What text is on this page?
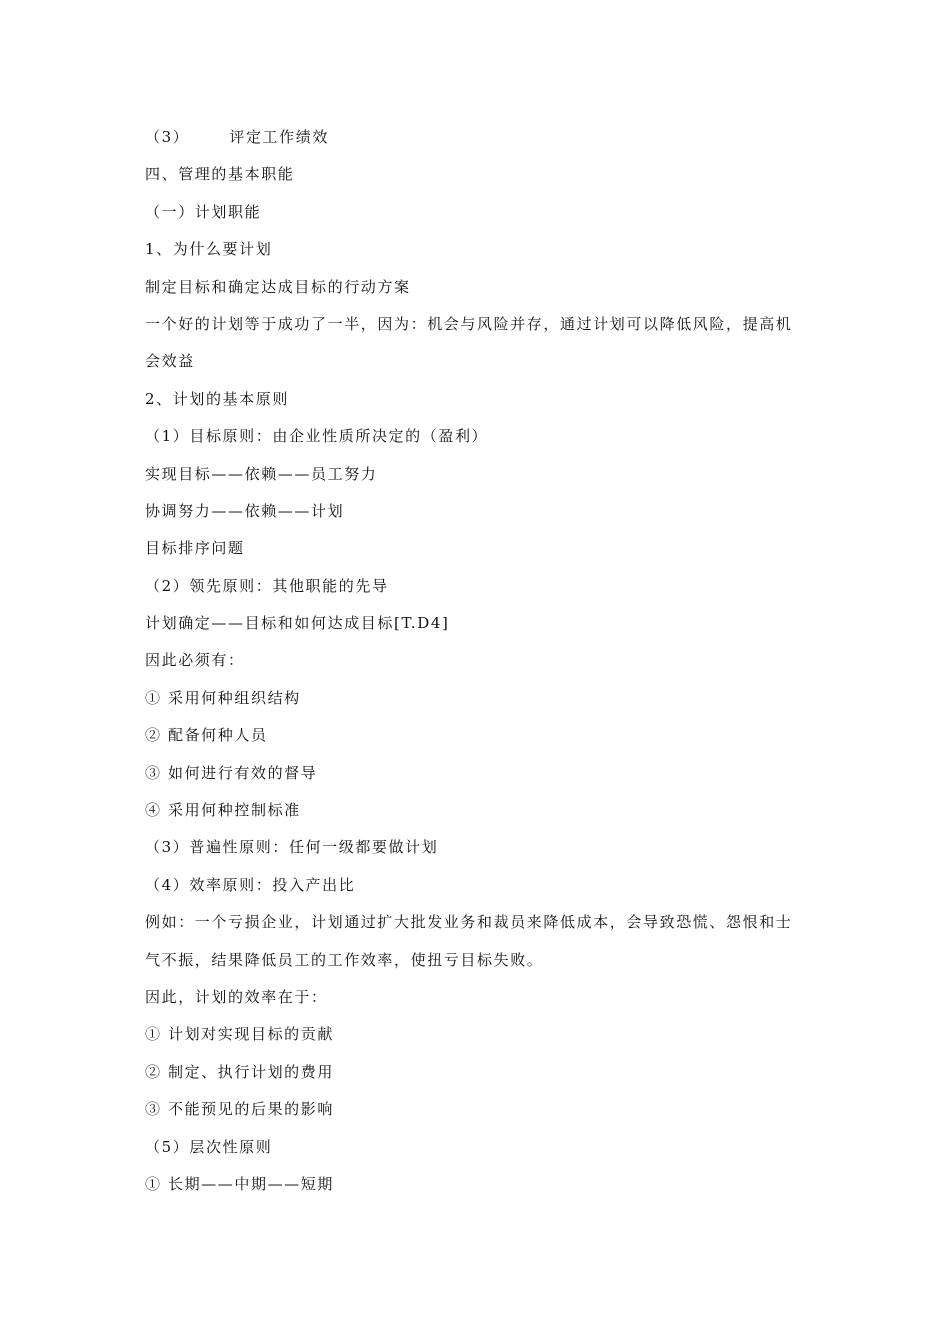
（3）	评定工作绩效

四、管理的基本职能

（一）计划职能

1、为什么要计划

制定目标和确定达成目标的行动方案

一个好的计划等于成功了一半，因为：机会与风险并存，通过计划可以降低风险，提高机

会效益

2、计划的基本原则

（1）目标原则：由企业性质所决定的（盈利）

实现目标——依赖——员工努力

协调努力——依赖——计划

目标排序问题

（2）领先原则：其他职能的先导

计划确定——目标和如何达成目标[T.D4]

因此必须有：

① 采用何种组织结构

② 配备何种人员

③ 如何进行有效的督导

④ 采用何种控制标准

（3）普遍性原则：任何一级都要做计划

（4）效率原则：投入产出比

例如：一个亏损企业，计划通过扩大批发业务和裁员来降低成本，会导致恐慌、怨恨和士

气不振，结果降低员工的工作效率，使扭亏目标失败。

因此，计划的效率在于：

① 计划对实现目标的贡献

② 制定、执行计划的费用

③ 不能预见的后果的影响

（5）层次性原则

① 长期——中期——短期
